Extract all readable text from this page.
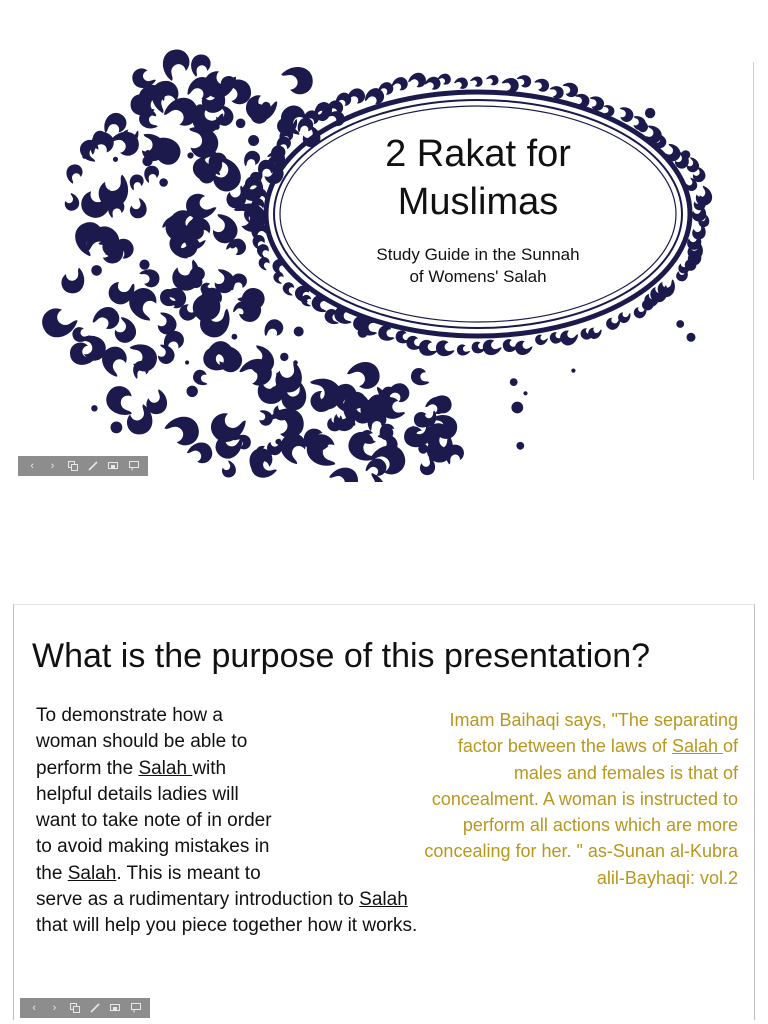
2 Rakat for
Muslimas
Study Guide in the Sunnah
of Womens' Salah
‹	›
What is the purpose of this presentation?
To demonstrate how a
woman should be able to
perform the Salah with
helpful details ladies will
want to take note of in order
to avoid making mistakes in
the Salah. This is meant to
serve as a rudimentary introduction to Salah
that will help you piece together how it works.
Imam Baihaqi says, "The separating
factor between the laws of Salah of
males and females is that of
concealment. A woman is instructed to
perform all actions which are more
concealing for her. " as-Sunan al-Kubra
alil-Bayhaqi: vol.2
‹	›
